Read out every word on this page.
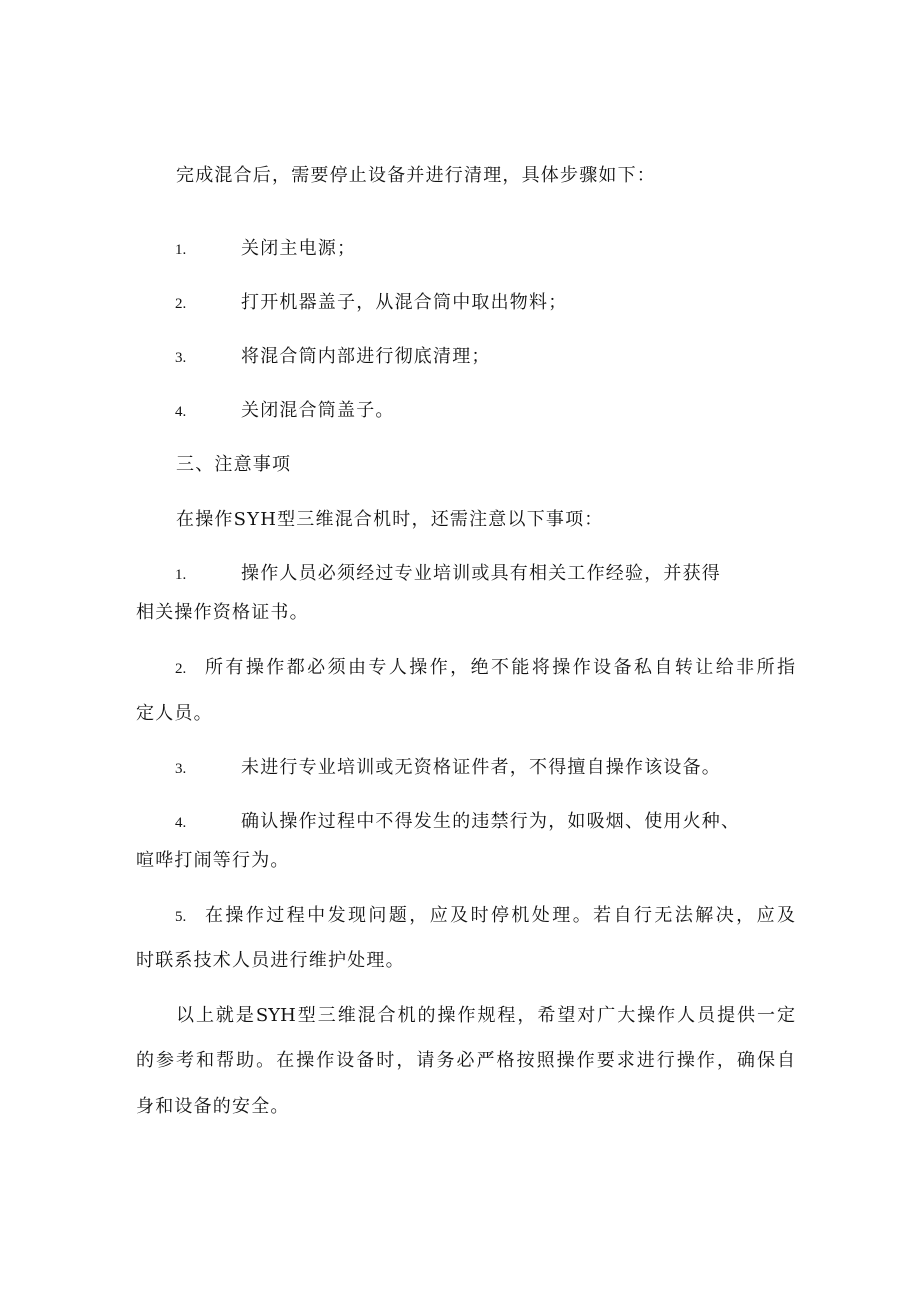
完成混合后，需要停止设备并进行清理，具体步骤如下：
1.	关闭主电源；
2.	打开机器盖子，从混合筒中取出物料；
3.	将混合筒内部进行彻底清理；
4.	关闭混合筒盖子。
三、注意事项
在操作SYH型三维混合机时，还需注意以下事项：
1.	操作人员必须经过专业培训或具有相关工作经验，并获得
相关操作资格证书。
2. 所有操作都必须由专人操作，绝不能将操作设备私自转让给非所指
定人员。
3.	未进行专业培训或无资格证件者，不得擅自操作该设备。
4.	确认操作过程中不得发生的违禁行为，如吸烟、使用火种、
喧哗打闹等行为。
5. 在操作过程中发现问题，应及时停机处理。若自行无法解决，应及
时联系技术人员进行维护处理。
以上就是SYH型三维混合机的操作规程，希望对广大操作人员提供一定
的参考和帮助。在操作设备时，请务必严格按照操作要求进行操作，确保自
身和设备的安全。
